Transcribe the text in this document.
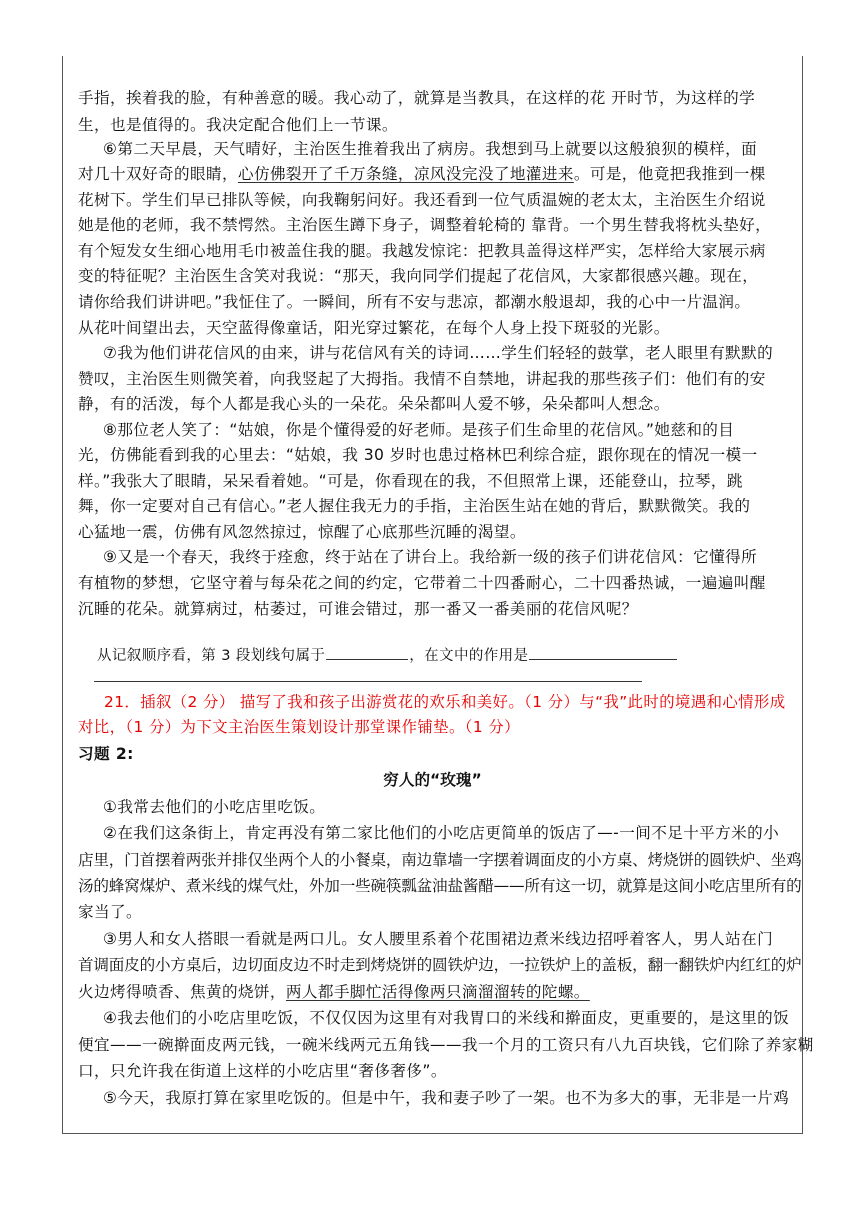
手指，挨着我的脸，有种善意的暖。我心动了，就算是当教具，在这样的花 开时节，为这样的学
生，也是值得的。我决定配合他们上一节课。
⑥第二天早晨，天气晴好，主治医生推着我出了病房。我想到马上就要以这般狼狈的模样，面
对几十双好奇的眼睛，心仿佛裂开了千万条缝，凉风没完没了地灌进来。可是，他竟把我推到一棵
花树下。学生们早已排队等候，向我鞠躬问好。我还看到一位气质温婉的老太太，主治医生介绍说
她是他的老师，我不禁愕然。主治医生蹲下身子，调整着轮椅的 靠背。一个男生替我将枕头垫好，
有个短发女生细心地用毛巾被盖住我的腿。我越发惊诧：把教具盖得这样严实，怎样给大家展示病
变的特征呢？主治医生含笑对我说：“那天，我向同学们提起了花信风，大家都很感兴趣。现在，
请你给我们讲讲吧。”我怔住了。一瞬间，所有不安与悲凉，都潮水般退却，我的心中一片温润。
从花叶间望出去，天空蓝得像童话，阳光穿过繁花，在每个人身上投下斑驳的光影。
⑦我为他们讲花信风的由来，讲与花信风有关的诗词……学生们轻轻的鼓掌，老人眼里有默默的
赞叹，主治医生则微笑着，向我竖起了大拇指。我情不自禁地，讲起我的那些孩子们：他们有的安
静，有的活泼，每个人都是我心头的一朵花。朵朵都叫人爱不够，朵朵都叫人想念。
⑧那位老人笑了：“姑娘，你是个懂得爱的好老师。是孩子们生命里的花信风。”她慈和的目
光，仿佛能看到我的心里去：“姑娘，我 30 岁时也患过格林巴利综合症，跟你现在的情况一模一
样。”我张大了眼睛，呆呆看着她。“可是，你看现在的我，不但照常上课，还能登山，拉琴，跳
舞，你一定要对自己有信心。”老人握住我无力的手指，主治医生站在她的背后，默默微笑。我的
心猛地一震，仿佛有风忽然掠过，惊醒了心底那些沉睡的渴望。
⑨又是一个春天，我终于痊愈，终于站在了讲台上。我给新一级的孩子们讲花信风：它懂得所
有植物的梦想，它坚守着与每朵花之间的约定，它带着二十四番耐心，二十四番热诚，一遍遍叫醒
沉睡的花朵。就算病过，枯萎过，可谁会错过，那一番又一番美丽的花信风呢？
从记叙顺序看，第 3 段划线句属于	，在文中的作用是
21．插叙（2 分） 描写了我和孩子出游赏花的欢乐和美好。（1 分）与“我”此时的境遇和心情形成
对比，（1 分）为下文主治医生策划设计那堂课作铺垫。（1 分）
习题 2:
穷人的“玫瑰”
①我常去他们的小吃店里吃饭。
②在我们这条街上，肯定再没有第二家比他们的小吃店更简单的饭店了—-一间不足十平方米的小
店里，门首摆着两张并排仅坐两个人的小餐桌，南边靠墙一字摆着调面皮的小方桌、烤烧饼的圆铁炉、坐鸡
汤的蜂窝煤炉、煮米线的煤气灶，外加一些碗筷瓢盆油盐酱醋——所有这一切，就算是这间小吃店里所有的
家当了。
③男人和女人搭眼一看就是两口儿。女人腰里系着个花围裙边煮米线边招呼着客人，男人站在门
首调面皮的小方桌后，边切面皮边不时走到烤烧饼的圆铁炉边，一拉铁炉上的盖板，翻一翻铁炉内红红的炉
火边烤得喷香、焦黄的烧饼，两人都手脚忙活得像两只滴溜溜转的陀螺。
④我去他们的小吃店里吃饭，不仅仅因为这里有对我胃口的米线和擀面皮，更重要的，是这里的饭
便宜——一碗擀面皮两元钱，一碗米线两元五角钱——我一个月的工资只有八九百块钱，它们除了养家糊
口，只允许我在街道上这样的小吃店里“奢侈奢侈”。
⑤今天，我原打算在家里吃饭的。但是中午，我和妻子吵了一架。也不为多大的事，无非是一片鸡
